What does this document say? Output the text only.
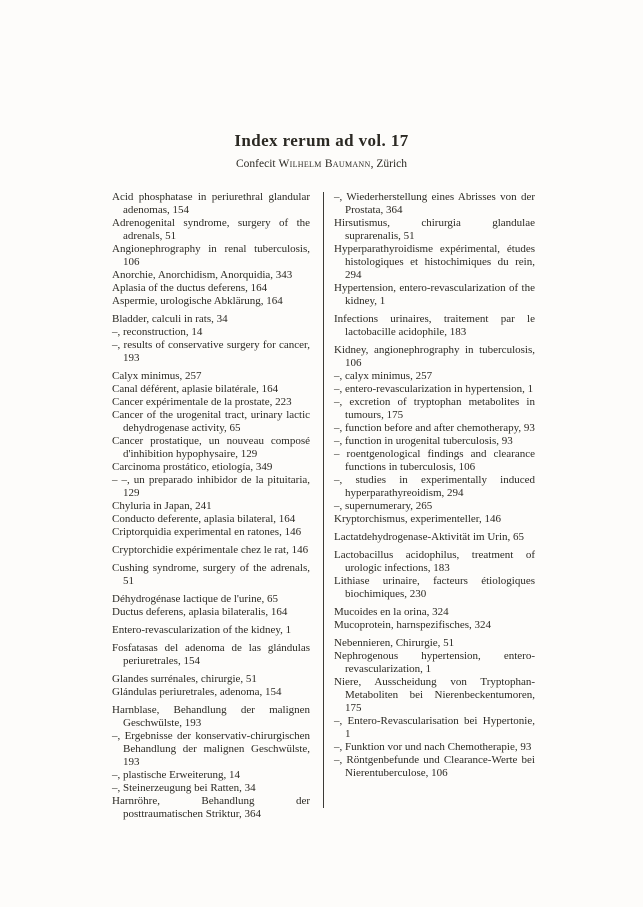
Index rerum ad vol. 17
Confecit Wilhelm Baumann, Zürich

Acid phosphatase in periurethral glandular adenomas, 154

Adrenogenital syndrome, surgery of the adrenals, 51

Angionephrography in renal tuberculosis, 106

Anorchie, Anorchidism, Anorquidia, 343

Aplasia of the ductus deferens, 164

Aspermie, urologische Abklärung, 164

Bladder, calculi in rats, 34

–, reconstruction, 14

–, results of conservative surgery for cancer, 193

Calyx minimus, 257

Canal déférent, aplasie bilatérale, 164

Cancer expérimentale de la prostate, 223

Cancer of the urogenital tract, urinary lactic dehydrogenase activity, 65

Cancer prostatique, un nouveau composé d'inhibition hypophysaire, 129

Carcinoma prostático, etiología, 349

– –, un preparado inhibidor de la pituitaria, 129

Chyluria in Japan, 241

Conducto deferente, aplasia bilateral, 164

Criptorquidia experimental en ratones, 146

Cryptorchidie expérimentale chez le rat, 146

Cushing syndrome, surgery of the adrenals, 51

Déhydrogénase lactique de l'urine, 65

Ductus deferens, aplasia bilateralis, 164

Entero-revascularization of the kidney, 1

Fosfatasas del adenoma de las glándulas periuretrales, 154

Glandes surrénales, chirurgie, 51

Glándulas periuretrales, adenoma, 154

Harnblase, Behandlung der malignen Geschwülste, 193

–, Ergebnisse der konservativ-chirurgischen Behandlung der malignen Geschwülste, 193

–, plastische Erweiterung, 14

–, Steinerzeugung bei Ratten, 34

Harnröhre, Behandlung der posttraumatischen Striktur, 364

–, Wiederherstellung eines Abrisses von der Prostata, 364

Hirsutismus, chirurgia glandulae suprarenalis, 51

Hyperparathyroidisme expérimental, études histologiques et histochimiques du rein, 294

Hypertension, entero-revascularization of the kidney, 1

Infections urinaires, traitement par le lactobacille acidophile, 183

Kidney, angionephrography in tuberculosis, 106

–, calyx minimus, 257

–, entero-revascularization in hypertension, 1

–, excretion of tryptophan metabolites in tumours, 175

–, function before and after chemotherapy, 93

–, function in urogenital tuberculosis, 93

– roentgenological findings and clearance functions in tuberculosis, 106

–, studies in experimentally induced hyperparathyreoidism, 294

–, supernumerary, 265

Kryptorchismus, experimenteller, 146

Lactatdehydrogenase-Aktivität im Urin, 65

Lactobacillus acidophilus, treatment of urologic infections, 183

Lithiase urinaire, facteurs étiologiques biochimiques, 230

Mucoides en la orina, 324

Mucoprotein, harnspezifisches, 324

Nebennieren, Chirurgie, 51

Nephrogenous hypertension, entero-revascularization, 1

Niere, Ausscheidung von Tryptophan-Metaboliten bei Nierenbeckentumoren, 175

–, Entero-Revascularisation bei Hypertonie, 1

–, Funktion vor und nach Chemotherapie, 93

–, Röntgenbefunde und Clearance-Werte bei Nierentuberculose, 106
